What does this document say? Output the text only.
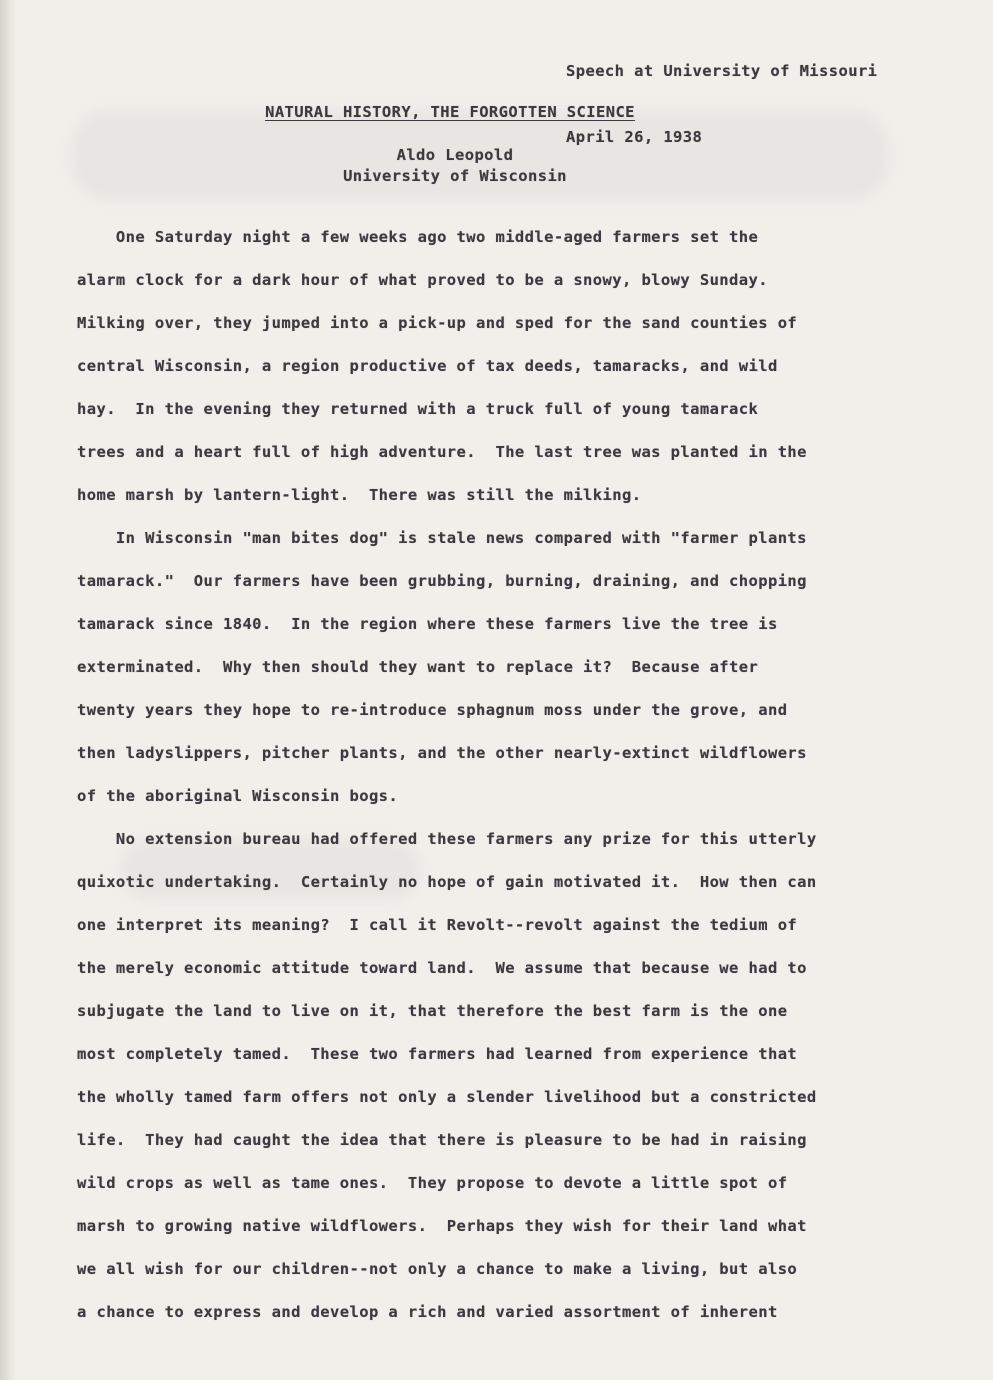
Speech at University of Missouri

April 26, 1938

NATURAL HISTORY, THE FORGOTTEN SCIENCE
Aldo Leopold
University of Wisconsin
One Saturday night a few weeks ago two middle-aged farmers set the
alarm clock for a dark hour of what proved to be a snowy, blowy Sunday.
Milking over, they jumped into a pick-up and sped for the sand counties of
central Wisconsin, a region productive of tax deeds, tamaracks, and wild
hay.  In the evening they returned with a truck full of young tamarack
trees and a heart full of high adventure.  The last tree was planted in the
home marsh by lantern-light.  There was still the milking.
In Wisconsin "man bites dog" is stale news compared with "farmer plants
tamarack."  Our farmers have been grubbing, burning, draining, and chopping
tamarack since 1840.  In the region where these farmers live the tree is
exterminated.  Why then should they want to replace it?  Because after
twenty years they hope to re-introduce sphagnum moss under the grove, and
then ladyslippers, pitcher plants, and the other nearly-extinct wildflowers
of the aboriginal Wisconsin bogs.
No extension bureau had offered these farmers any prize for this utterly
quixotic undertaking.  Certainly no hope of gain motivated it.  How then can
one interpret its meaning?  I call it Revolt--revolt against the tedium of
the merely economic attitude toward land.  We assume that because we had to
subjugate the land to live on it, that therefore the best farm is the one
most completely tamed.  These two farmers had learned from experience that
the wholly tamed farm offers not only a slender livelihood but a constricted
life.  They had caught the idea that there is pleasure to be had in raising
wild crops as well as tame ones.  They propose to devote a little spot of
marsh to growing native wildflowers.  Perhaps they wish for their land what
we all wish for our children--not only a chance to make a living, but also
a chance to express and develop a rich and varied assortment of inherent
